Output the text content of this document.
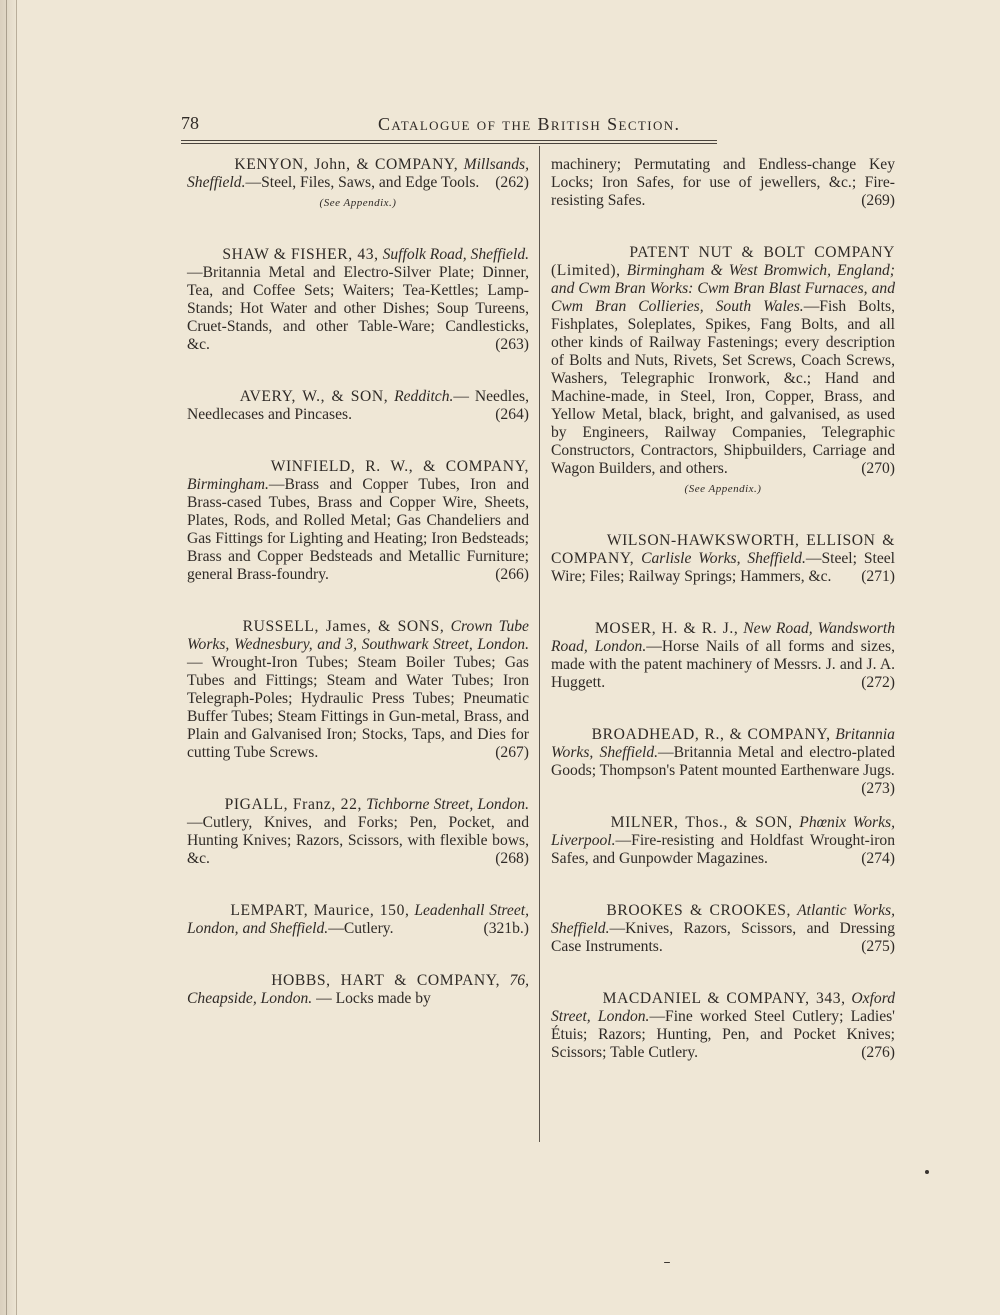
78	Catalogue of the British Section.

KENYON, John, & COMPANY, Millsands, Sheffield.—Steel, Files, Saws, and Edge Tools. (262)

(See Appendix.)

SHAW & FISHER, 43, Suffolk Road, Sheffield.—Britannia Metal and Electro-Silver Plate; Dinner, Tea, and Coffee Sets; Waiters; Tea-Kettles; Lamp-Stands; Hot Water and other Dishes; Soup Tureens, Cruet-Stands, and other Table-Ware; Candlesticks, &c.	(263)

AVERY, W., & SON, Redditch.— Needles, Needlecases and Pincases.	(264)

WINFIELD, R. W., & COMPANY, Birmingham.—Brass and Copper Tubes, Iron and Brass-cased Tubes, Brass and Copper Wire, Sheets, Plates, Rods, and Rolled Metal; Gas Chandeliers and Gas Fittings for Lighting and Heating; Iron Bedsteads; Brass and Copper Bedsteads and Metallic Furniture; general Brass-foundry.	(266)

RUSSELL, James, & SONS, Crown Tube Works, Wednesbury, and 3, Southwark Street, London. — Wrought-Iron Tubes; Steam Boiler Tubes; Gas Tubes and Fittings; Steam and Water Tubes; Iron Telegraph-Poles; Hydraulic Press Tubes; Pneumatic Buffer Tubes; Steam Fittings in Gun-metal, Brass, and Plain and Galvanised Iron; Stocks, Taps, and Dies for cutting Tube Screws.	(267)

PIGALL, Franz, 22, Tichborne Street, London.—Cutlery, Knives, and Forks; Pen, Pocket, and Hunting Knives; Razors, Scissors, with flexible bows, &c.	(268)

LEMPART, Maurice, 150, Leadenhall Street, London, and Sheffield.—Cutlery.	(321b.)

HOBBS, HART & COMPANY, 76, Cheapside, London. — Locks made by

machinery; Permutating and Endless-change Key Locks; Iron Safes, for use of jewellers, &c.; Fire-resisting Safes.	(269)

PATENT NUT & BOLT COMPANY (Limited), Birmingham & West Bromwich, England; and Cwm Bran Works: Cwm Bran Blast Furnaces, and Cwm Bran Collieries, South Wales.—Fish Bolts, Fishplates, Soleplates, Spikes, Fang Bolts, and all other kinds of Railway Fastenings; every description of Bolts and Nuts, Rivets, Set Screws, Coach Screws, Washers, Telegraphic Ironwork, &c.; Hand and Machine-made, in Steel, Iron, Copper, Brass, and Yellow Metal, black, bright, and galvanised, as used by Engineers, Railway Companies, Telegraphic Constructors, Contractors, Shipbuilders, Carriage and Wagon Builders, and others.	(270)

(See Appendix.)

WILSON-HAWKSWORTH, ELLISON & COMPANY, Carlisle Works, Sheffield.—Steel; Steel Wire; Files; Railway Springs; Hammers, &c. (271)

MOSER, H. & R. J., New Road, Wandsworth Road, London.—Horse Nails of all forms and sizes, made with the patent machinery of Messrs. J. and J. A. Huggett.	(272)

BROADHEAD, R., & COMPANY, Britannia Works, Sheffield.—Britannia Metal and electro-plated Goods; Thompson's Patent mounted Earthenware Jugs.
(273)

MILNER, Thos., & SON, Phœnix Works, Liverpool.—Fire-resisting and Holdfast Wrought-iron Safes, and Gunpowder Magazines.	(274)

BROOKES & CROOKES, Atlantic Works, Sheffield.—Knives, Razors, Scissors, and Dressing Case Instruments.	(275)

MACDANIEL & COMPANY, 343, Oxford Street, London.—Fine worked Steel Cutlery; Ladies' Étuis; Razors; Hunting, Pen, and Pocket Knives; Scissors; Table Cutlery.	(276)
